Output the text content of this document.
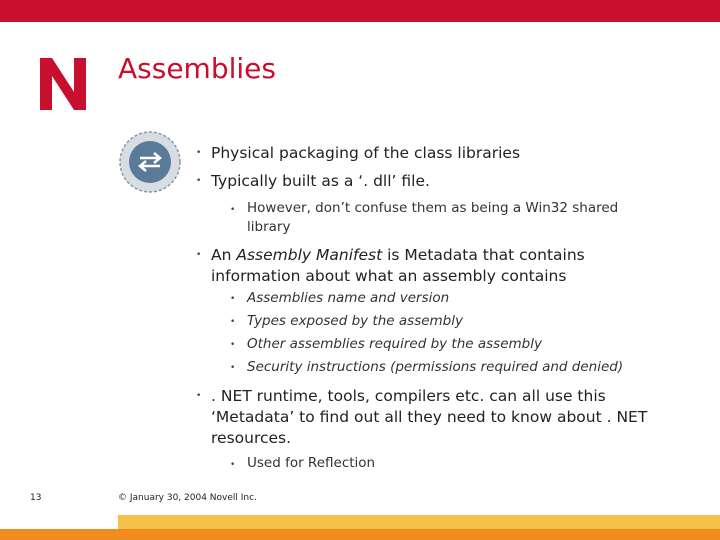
Assemblies
• Physical packaging of the class libraries
• Typically built as a ‘. dll’ file.
• However, don’t confuse them as being a Win32 shared
library
• An Assembly Manifest is Metadata that contains
information about what an assembly contains
• Assemblies name and version
• Types exposed by the assembly
• Other assemblies required by the assembly
• Security instructions (permissions required and denied)
• . NET runtime, tools, compilers etc. can all use this
‘Metadata’ to find out all they need to know about . NET
resources.
• Used for Reflection
13	© January 30, 2004 Novell Inc.
